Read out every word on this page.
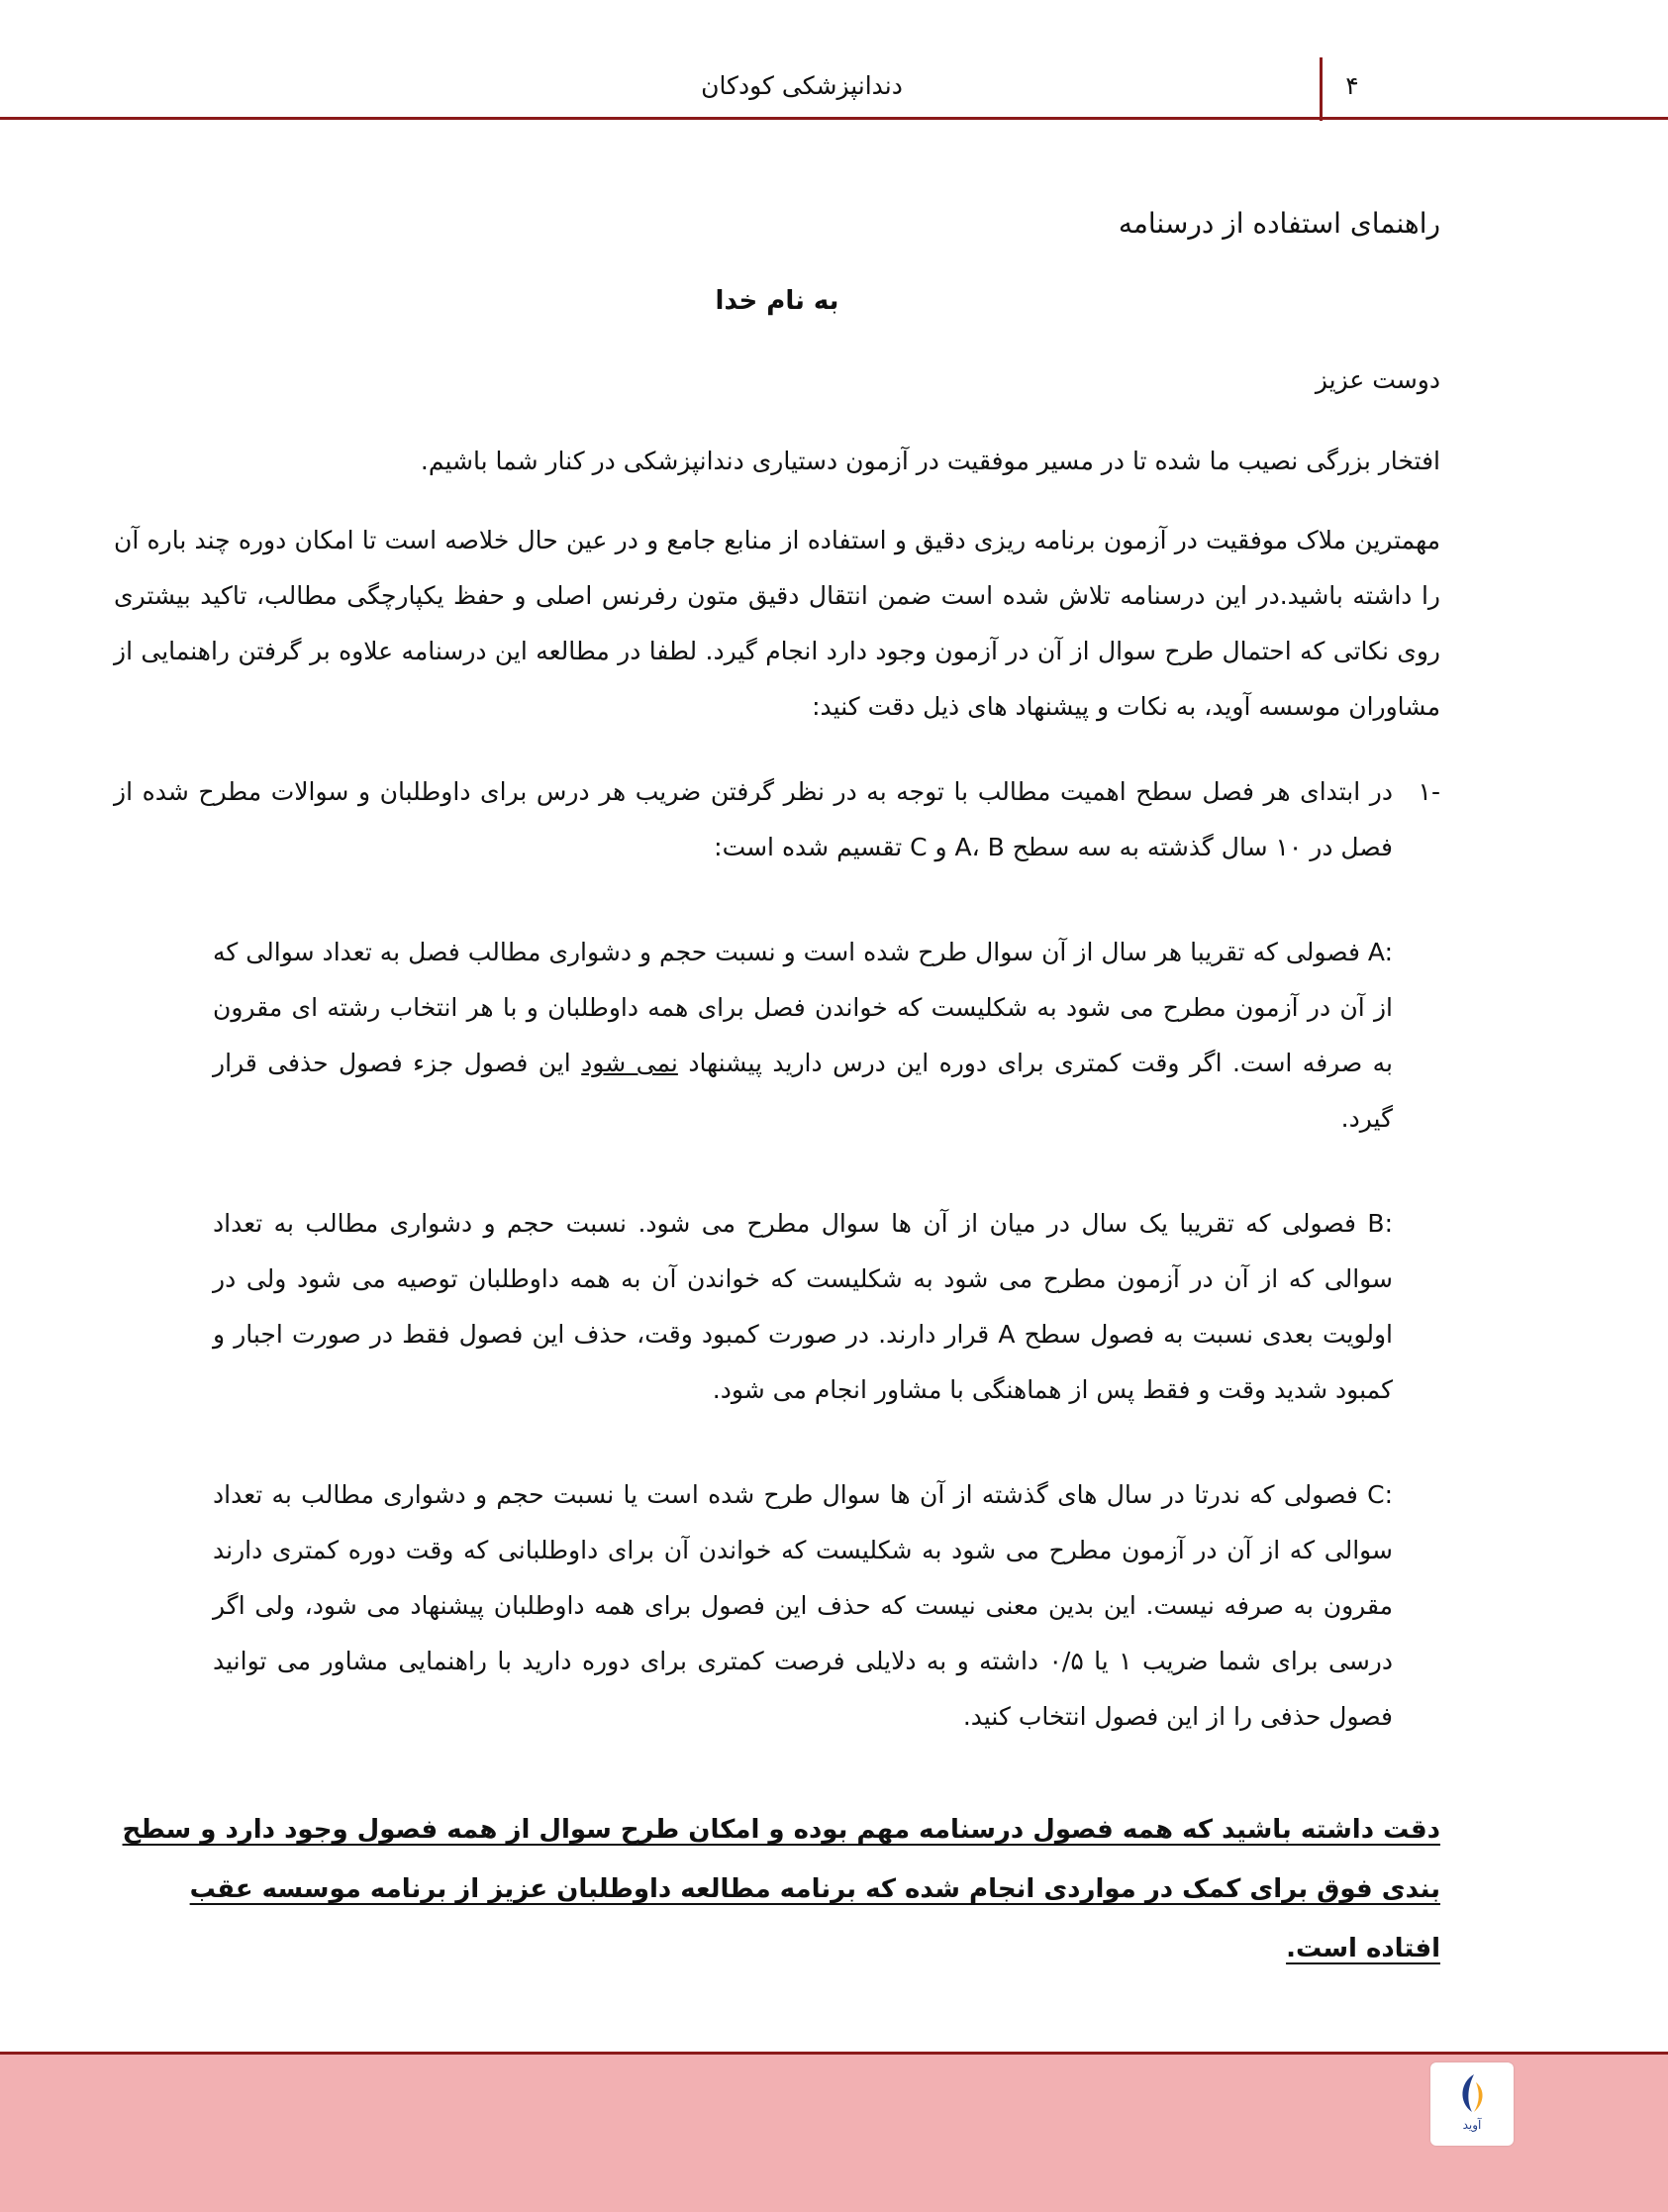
دندانپزشکی کودکان	۴

راهنمای استفاده از درسنامه

به نام خدا

دوست عزیز

افتخار بزرگی نصیب ما شده تا در مسیر موفقیت در آزمون دستیاری دندانپزشکی در کنار شما باشیم.

مهمترین ملاک موفقیت در آزمون برنامه ریزی دقیق و استفاده از منابع جامع و در عین حال خلاصه است تا امکان دوره چند باره آن را داشته باشید.در این درسنامه تلاش شده است ضمن انتقال دقیق متون رفرنس اصلی و حفظ یکپارچگی مطالب، تاکید بیشتری روی نکاتی که احتمال طرح سوال از آن در آزمون وجود دارد انجام گیرد. لطفا در مطالعه این درسنامه علاوه بر گرفتن راهنمایی از مشاوران موسسه آوید، به نکات و پیشنهاد های ذیل دقت کنید:

-۱

در ابتدای هر فصل سطح اهمیت مطالب با توجه به در نظر گرفتن ضریب هر درس برای داوطلبان و سوالات مطرح شده از فصل در ۱۰ سال گذشته به سه سطح A، B و C تقسیم شده است:

A: فصولی که تقریبا هر سال از آن سوال طرح شده است و نسبت حجم و دشواری مطالب فصل به تعداد سوالی که از آن در آزمون مطرح می شود به شکلیست که خواندن فصل برای همه داوطلبان و با هر انتخاب رشته ای مقرون به صرفه است. اگر وقت کمتری برای دوره این درس دارید پیشنهاد نمی شود این فصول جزء فصول حذفی قرار گیرد.

B: فصولی که تقریبا یک سال در میان از آن ها سوال مطرح می شود. نسبت حجم و دشواری مطالب به تعداد سوالی که از آن در آزمون مطرح می شود به شکلیست که خواندن آن به همه داوطلبان توصیه می شود ولی در اولویت بعدی نسبت به فصول سطح A قرار دارند. در صورت کمبود وقت، حذف این فصول فقط در صورت اجبار و کمبود شدید وقت و فقط پس از هماهنگی با مشاور انجام می شود.

C: فصولی که ندرتا در سال های گذشته از آن ها سوال طرح شده است یا نسبت حجم و دشواری مطالب به تعداد سوالی که از آن در آزمون مطرح می شود به شکلیست که خواندن آن برای داوطلبانی که وقت دوره کمتری دارند مقرون به صرفه نیست. این بدین معنی نیست که حذف این فصول برای همه داوطلبان پیشنهاد می شود، ولی اگر درسی برای شما ضریب ۱ یا ۰/۵ داشته و به دلایلی فرصت کمتری برای دوره دارید با راهنمایی مشاور می توانید فصول حذفی را از این فصول انتخاب کنید.

دقت داشته باشید که همه فصول درسنامه مهم بوده و امکان طرح سوال از همه فصول وجود دارد و سطح بندی فوق برای کمک در مواردی انجام شده که برنامه مطالعه داوطلبان عزیز از برنامه موسسه عقب افتاده است.

آوید
